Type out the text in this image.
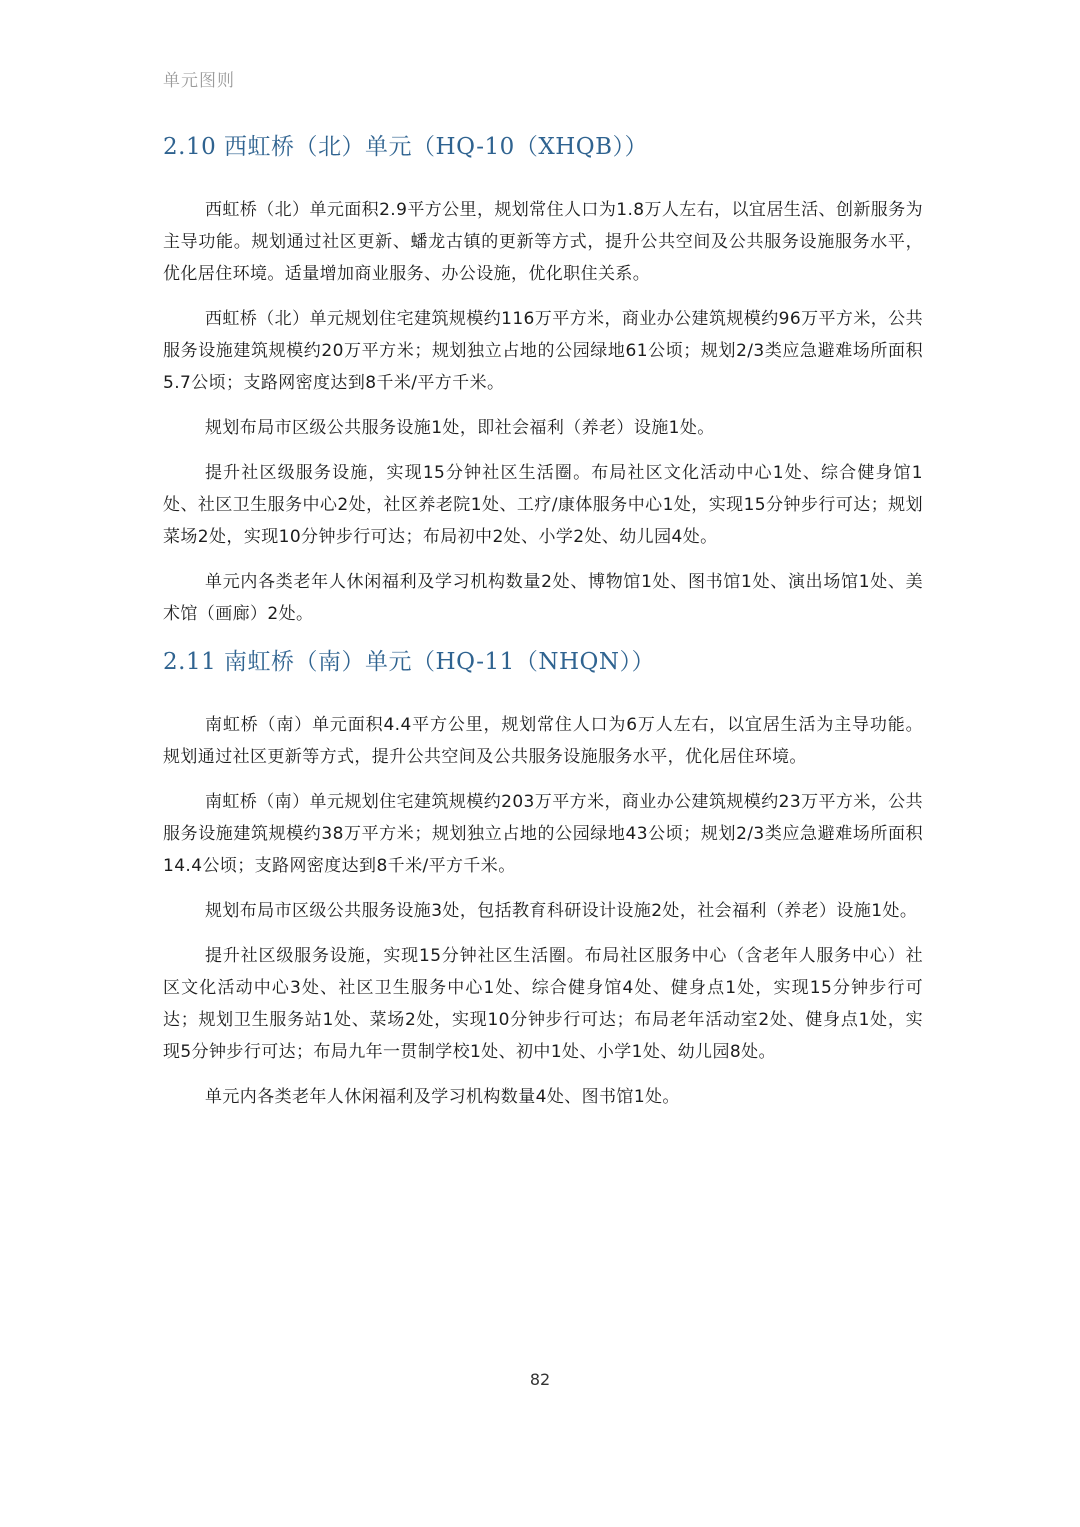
单元图则
2.10 西虹桥（北）单元（HQ-10（XHQB））

西虹桥（北）单元面积2.9平方公里，规划常住人口为1.8万人左右，以宜居生活、创新服务为主导功能。规划通过社区更新、蟠龙古镇的更新等方式，提升公共空间及公共服务设施服务水平，优化居住环境。适量增加商业服务、办公设施，优化职住关系。

西虹桥（北）单元规划住宅建筑规模约116万平方米，商业办公建筑规模约96万平方米，公共服务设施建筑规模约20万平方米；规划独立占地的公园绿地61公顷；规划2/3类应急避难场所面积5.7公顷；支路网密度达到8千米/平方千米。

规划布局市区级公共服务设施1处，即社会福利（养老）设施1处。

提升社区级服务设施，实现15分钟社区生活圈。布局社区文化活动中心1处、综合健身馆1处、社区卫生服务中心2处，社区养老院1处、工疗/康体服务中心1处，实现15分钟步行可达；规划菜场2处，实现10分钟步行可达；布局初中2处、小学2处、幼儿园4处。

单元内各类老年人休闲福利及学习机构数量2处、博物馆1处、图书馆1处、演出场馆1处、美术馆（画廊）2处。

2.11 南虹桥（南）单元（HQ-11（NHQN））

南虹桥（南）单元面积4.4平方公里，规划常住人口为6万人左右，以宜居生活为主导功能。规划通过社区更新等方式，提升公共空间及公共服务设施服务水平，优化居住环境。

南虹桥（南）单元规划住宅建筑规模约203万平方米，商业办公建筑规模约23万平方米，公共服务设施建筑规模约38万平方米；规划独立占地的公园绿地43公顷；规划2/3类应急避难场所面积14.4公顷；支路网密度达到8千米/平方千米。

规划布局市区级公共服务设施3处，包括教育科研设计设施2处，社会福利（养老）设施1处。

提升社区级服务设施，实现15分钟社区生活圈。布局社区服务中心（含老年人服务中心）社区文化活动中心3处、社区卫生服务中心1处、综合健身馆4处、健身点1处，实现15分钟步行可达；规划卫生服务站1处、菜场2处，实现10分钟步行可达；布局老年活动室2处、健身点1处，实现5分钟步行可达；布局九年一贯制学校1处、初中1处、小学1处、幼儿园8处。

单元内各类老年人休闲福利及学习机构数量4处、图书馆1处。

82
